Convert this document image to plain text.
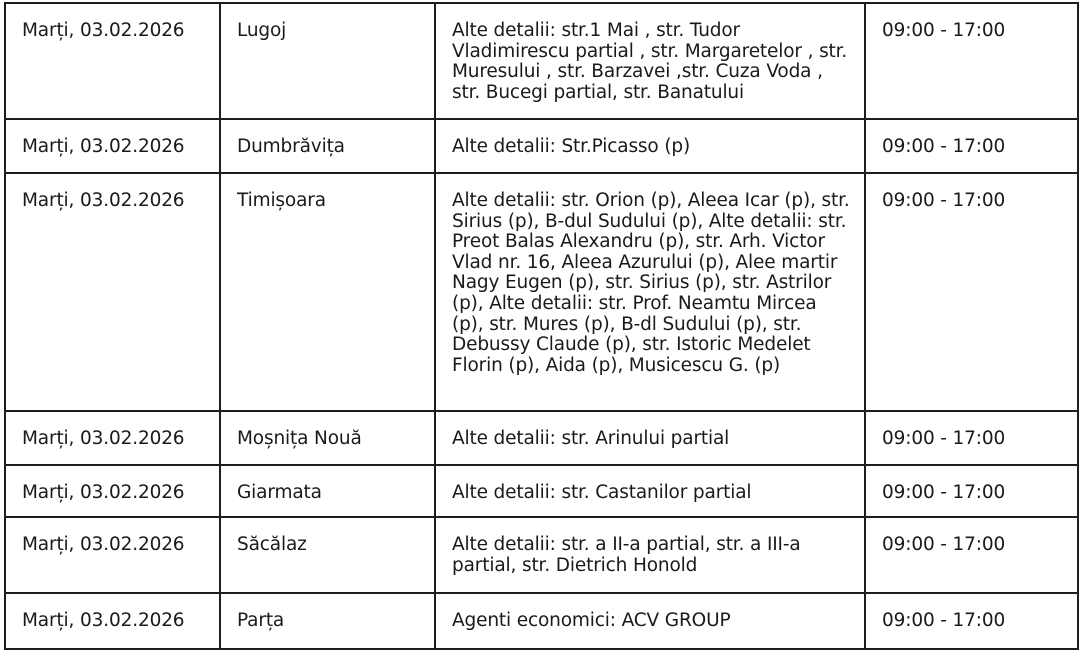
Marți, 03.02.2026	Lugoj	Alte detalii: str.1 Mai , str. Tudor Vladimirescu partial , str. Margaretelor , str. Muresului , str. Barzavei ,str. Cuza Voda , str. Bucegi partial, str. Banatului	09:00 - 17:00
Marți, 03.02.2026	Dumbrăvița	Alte detalii: Str.Picasso (p)	09:00 - 17:00
Marți, 03.02.2026	Timișoara	Alte detalii: str. Orion (p), Aleea Icar (p), str. Sirius (p), B-dul Sudului (p), Alte detalii: str. Preot Balas Alexandru (p), str. Arh. Victor Vlad nr. 16, Aleea Azurului (p), Alee martir Nagy Eugen (p), str. Sirius (p), str. Astrilor (p), Alte detalii: str. Prof. Neamtu Mircea (p), str. Mures (p), B-dl Sudului (p), str. Debussy Claude (p), str. Istoric Medelet Florin (p), Aida (p), Musicescu G. (p)	09:00 - 17:00
Marți, 03.02.2026	Moșnița Nouă	Alte detalii: str. Arinului partial	09:00 - 17:00
Marți, 03.02.2026	Giarmata	Alte detalii: str. Castanilor partial	09:00 - 17:00
Marți, 03.02.2026	Săcălaz	Alte detalii: str. a II-a partial, str. a III-a partial, str. Dietrich Honold	09:00 - 17:00
Marți, 03.02.2026	Parța	Agenti economici: ACV GROUP	09:00 - 17:00
